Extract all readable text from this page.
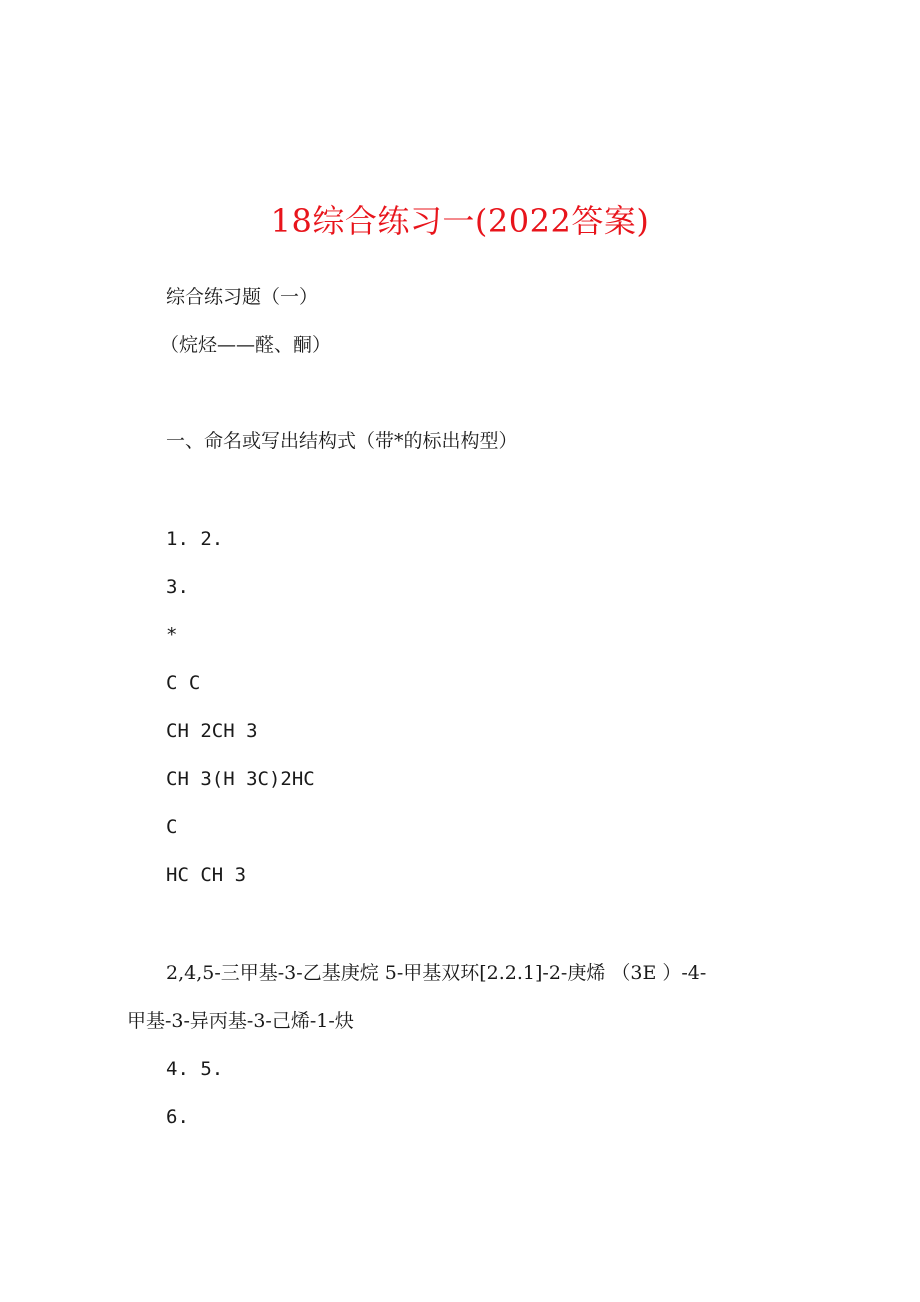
18综合练习一(2022答案)
综合练习题（一）
（烷烃——醛、酮）
一、命名或写出结构式（带*的标出构型）
1. 2.
3.
*
C C
CH 2CH 3
CH 3(H 3C)2HC
C
HC CH 3
2,4,5-三甲基-3-乙基庚烷 5-甲基双环[2.2.1]-2-庚烯 （3E ）-4-
甲基-3-异丙基-3-己烯-1-炔
4. 5.
6.
